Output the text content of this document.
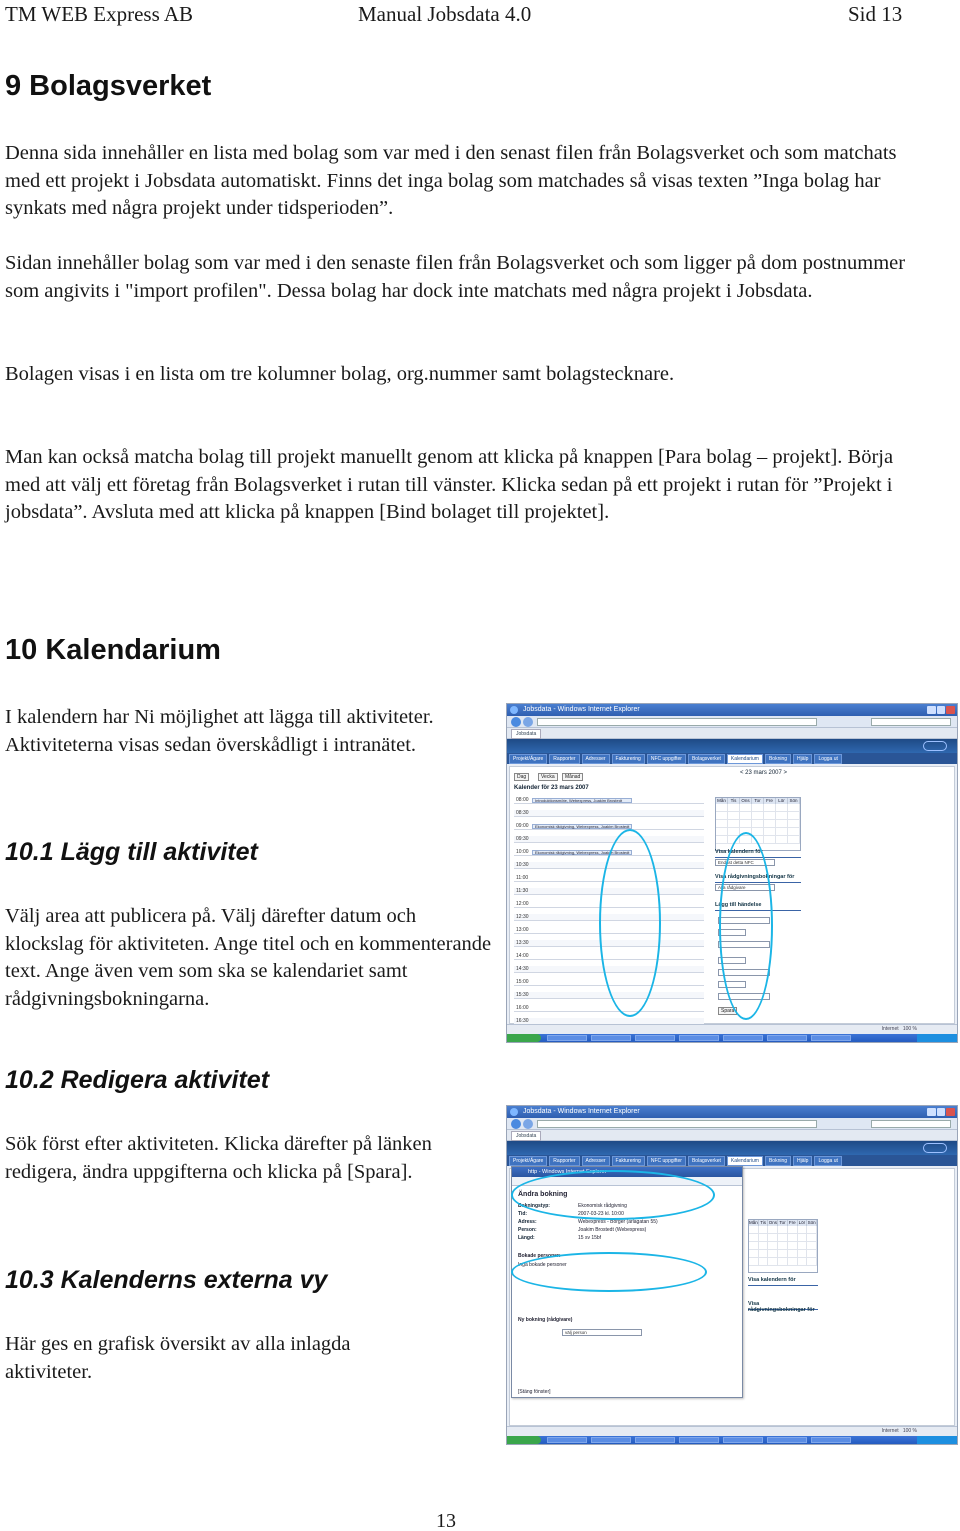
TM WEB Express AB	Manual Jobsdata 4.0	Sid 13
9 Bolagsverket
Denna sida innehåller en lista med bolag som var med i den senast filen från Bolagsverket och som matchats med ett projekt i Jobsdata automatiskt. Finns det inga bolag som matchades så visas texten ”Inga bolag har synkats med några projekt under tidsperioden”.
Sidan innehåller bolag som var med i den senaste filen från Bolagsverket och som ligger på dom postnummer som angivits i "import profilen". Dessa bolag har dock inte matchats med några projekt i Jobsdata.
Bolagen visas i en lista om tre kolumner bolag, org.nummer samt bolagstecknare.
Man kan också matcha bolag till projekt manuellt genom att klicka på knappen [Para bolag – projekt]. Börja med att välj ett företag från Bolagsverket i rutan till vänster. Klicka sedan på ett projekt i rutan för ”Projekt i jobsdata”. Avsluta med att klicka på knappen [Bind bolaget till projektet].
10 Kalendarium
I kalendern har Ni möjlighet att lägga till aktiviteter. Aktiviteterna visas sedan överskådligt i intranätet.
10.1 Lägg till aktivitet
Välj area att publicera på. Välj därefter datum och klockslag för aktiviteten. Ange titel och en kommenterande text. Ange även vem som ska se kalendariet samt rådgivningsbokningarna.
10.2 Redigera aktivitet
Sök först efter aktiviteten. Klicka därefter på länken
redigera, ändra uppgifterna och klicka på [Spara].
10.3 Kalenderns externa vy
Här ges en grafisk översikt av alla inlagda aktiviteter.
Jobsdata - Windows Internet Explorer
Jobsdata
Projekt/Ägare	Rapporter	Adresser	Fakturering	NFC uppgifter	Bolagsverket	Kalendarium	Bokning	Hjälp	Logga ut
Dag	Vecka	Månad
Kalender för 23 mars 2007
08:00	Introduktionsmöte, Webexpress, Joakim Brostedt
08:30
09:00	Ekonomisk rådgivning, Webexpress, Joakim Brostedt
09:30
10:00	Ekonomisk rådgivning, Webexpress, Joakim Brostedt
10:30
11:00
11:30
12:00
12:30
13:00
13:30
14:00
14:30
15:00
15:30
16:00
16:30
< 23 mars 2007 >
Mån	Tis	Ons	Tor	Fre	Lör	Sön
Visa kalendern för
Endast detta NFC
Visa rådgivningsbokningar för
Alla rådgivare
Lägg till händelse
Spara
Internet 100 %
Jobsdata - Windows Internet Explorer
Jobsdata
Projekt/Ägare	Rapporter	Adresser	Fakturering	NFC uppgifter	Bolagsverket	Kalendarium	Bokning	Hjälp	Logga ut
Mån Tis Ons Tor Fre Lör Sön
Visa kalendern för
Visa rådgivningsbokningar för
http - Windows Internet Explorer
Ändra bokning
Bokningstyp:	Ekonomisk rådgivning
Tid:	2007-03-23 kl. 10:00
Adress:	Webexpress - Borger (arlagatan 55)
Person:	Joakim Brostedt (Webexpress)
Längd:	15 sv 15bf
Bokade personer:
Inga bokade personer
Ny bokning (rådgivare)
välj person
[Stäng fönster]
Internet 100 %
13
